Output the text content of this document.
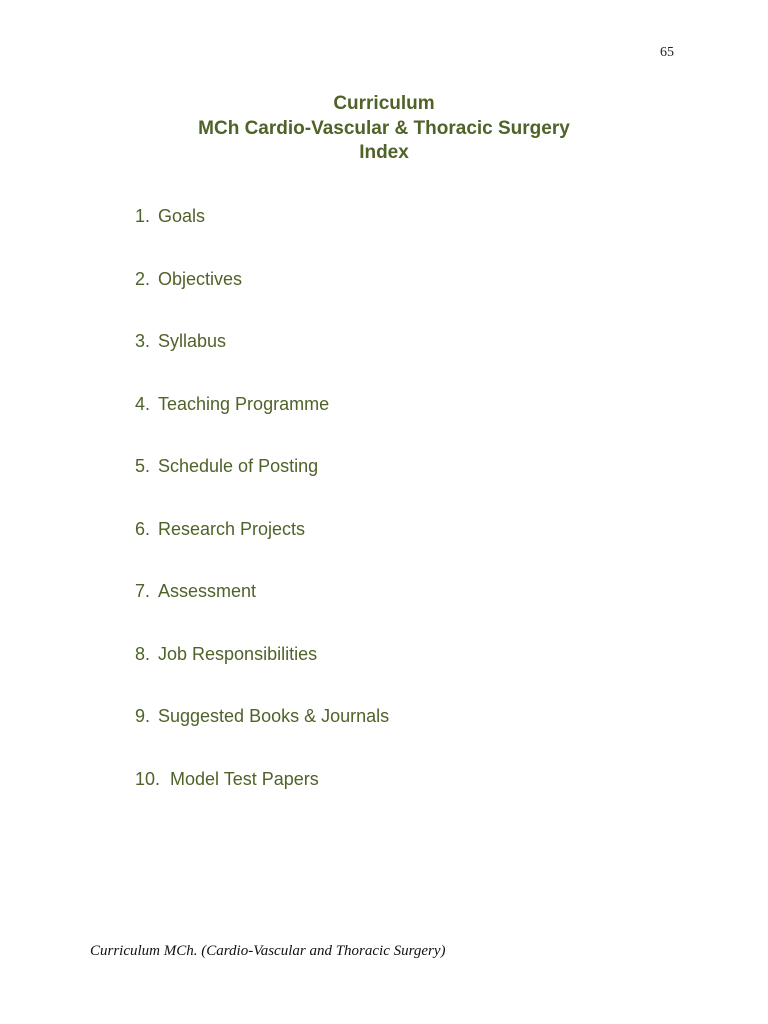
65
Curriculum
MCh Cardio-Vascular & Thoracic Surgery
Index
1. Goals
2. Objectives
3. Syllabus
4. Teaching Programme
5. Schedule of Posting
6. Research Projects
7. Assessment
8. Job Responsibilities
9. Suggested Books & Journals
10. Model Test Papers
Curriculum MCh. (Cardio-Vascular and Thoracic Surgery)
